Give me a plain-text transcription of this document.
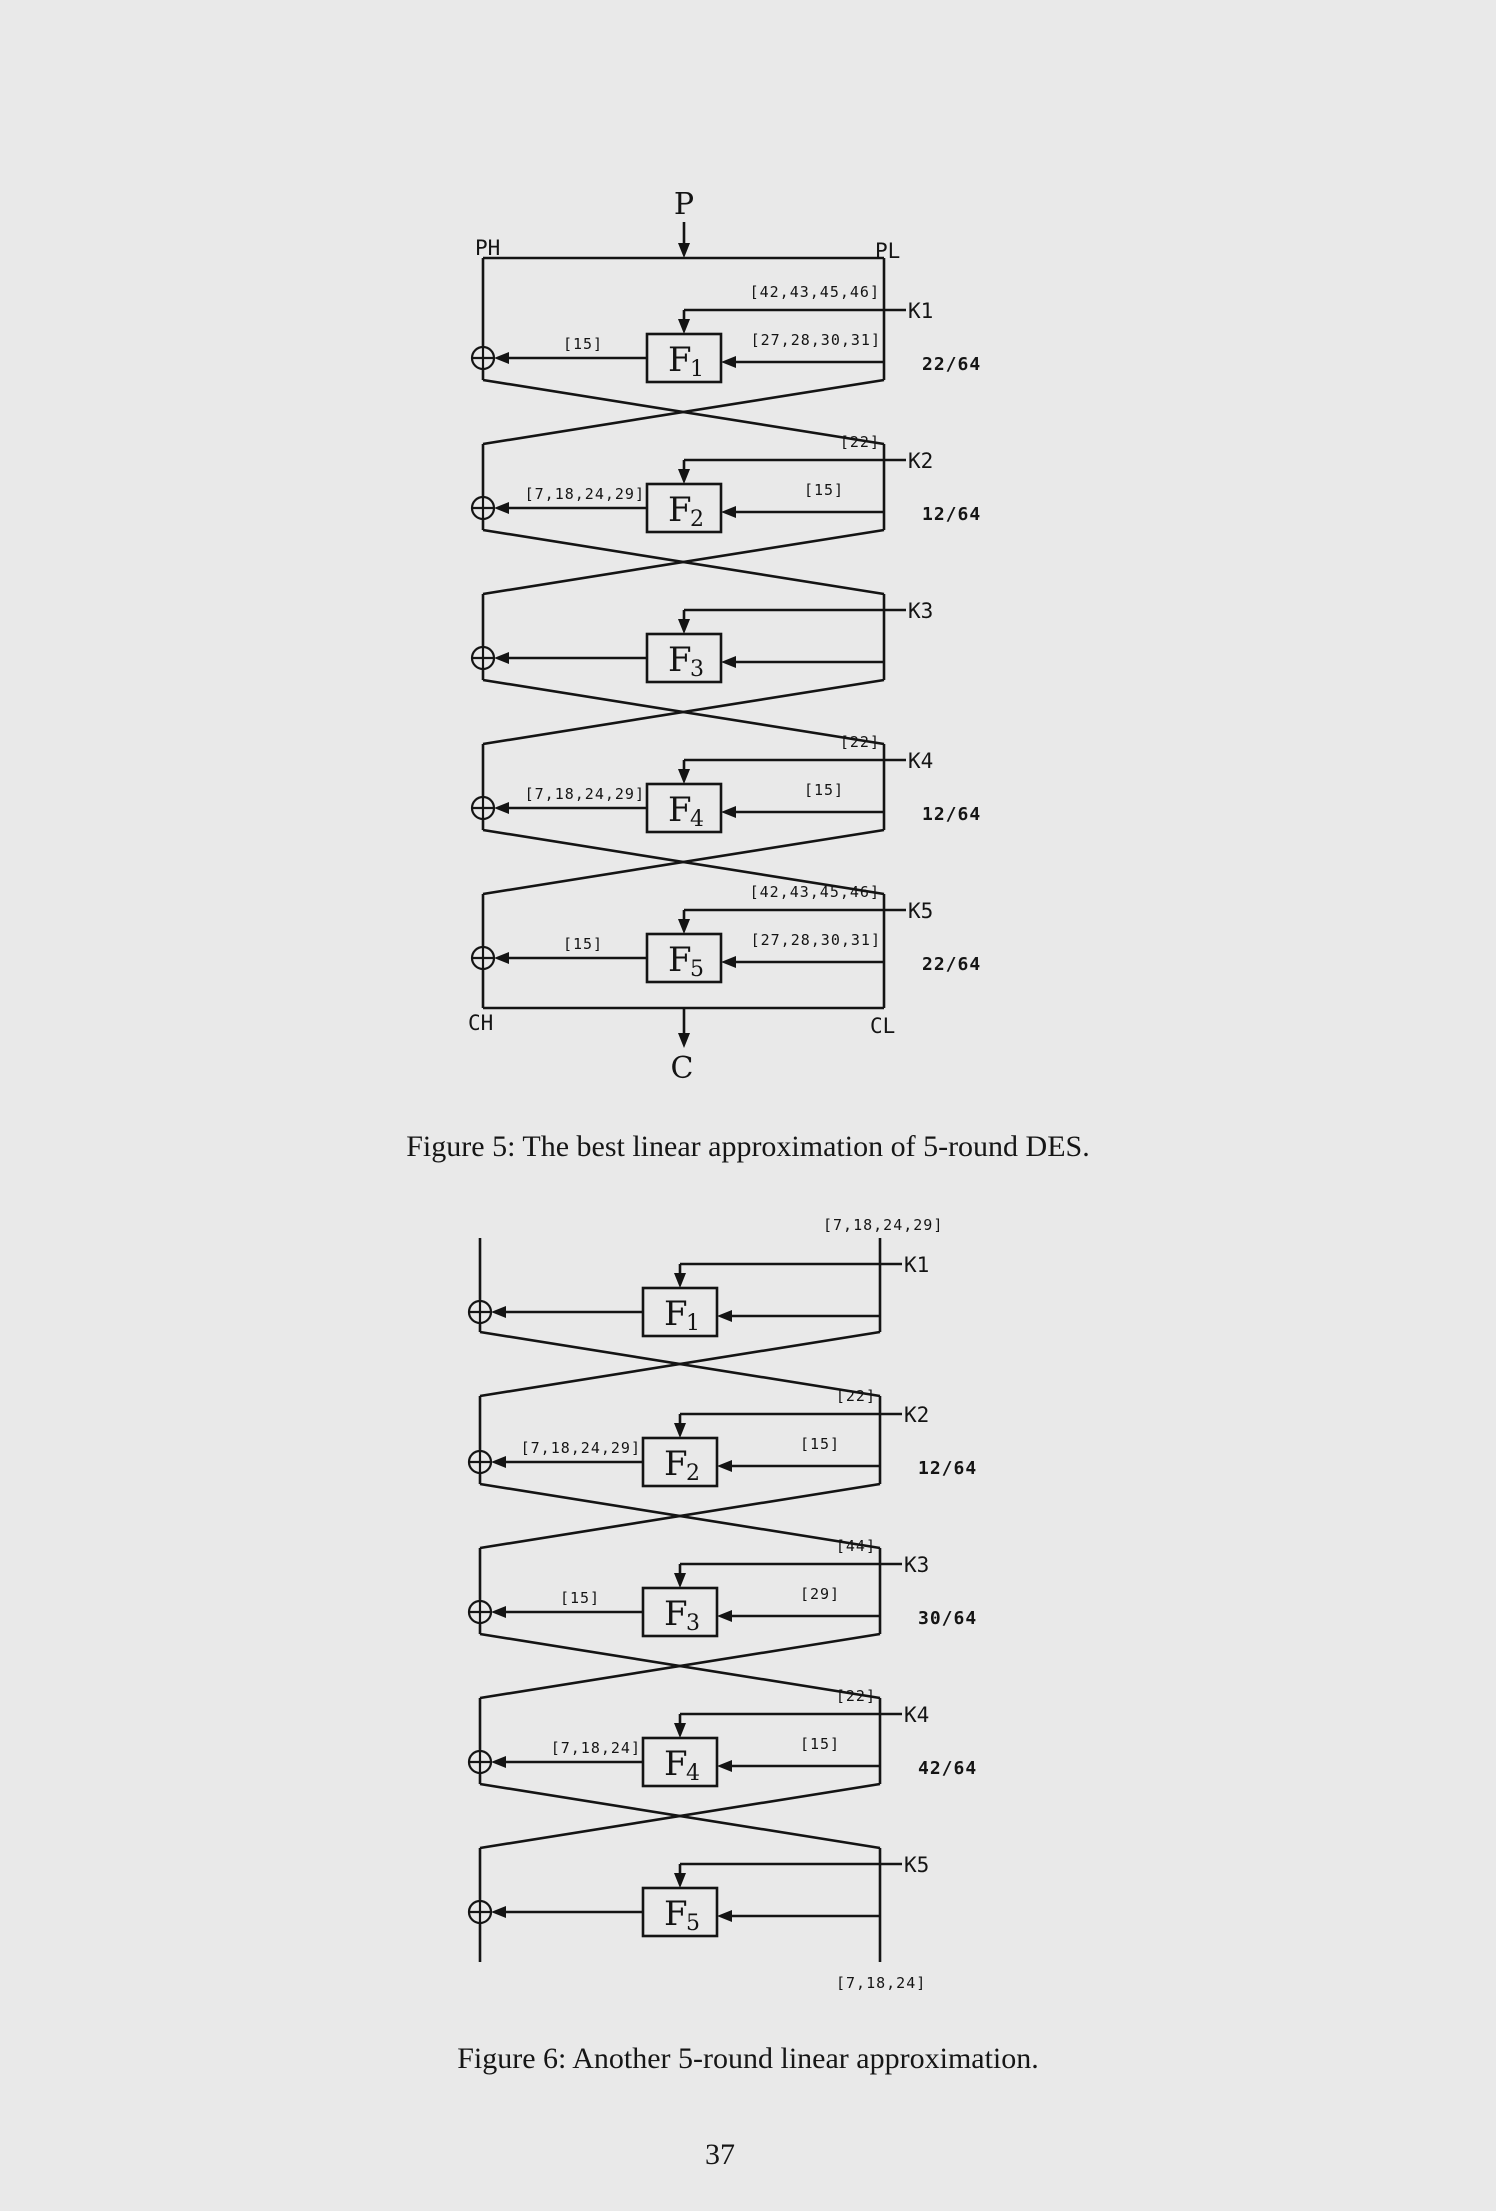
F
1
K1
[42,43,45,46]
[27,28,30,31]
[15]
22/64
F
2
K2
[22]
[15]
[7,18,24,29]
12/64
F
3
K3
F
4
K4
[22]
[15]
[7,18,24,29]
12/64
F
5
K5
[42,43,45,46]
[27,28,30,31]
[15]
22/64
P
PH	PL
C
CH	CL
F
1
K1
F
2
K2
[22]
[15]
[7,18,24,29]
12/64
F
3
K3
[44]
[29]
[15]
30/64
F
4
K4
[22]
[15]
[7,18,24]
42/64
F
5
K5
[7,18,24,29]
[7,18,24]
Figure 5: The best linear approximation of 5-round DES.
Figure 6: Another 5-round linear approximation.
37
